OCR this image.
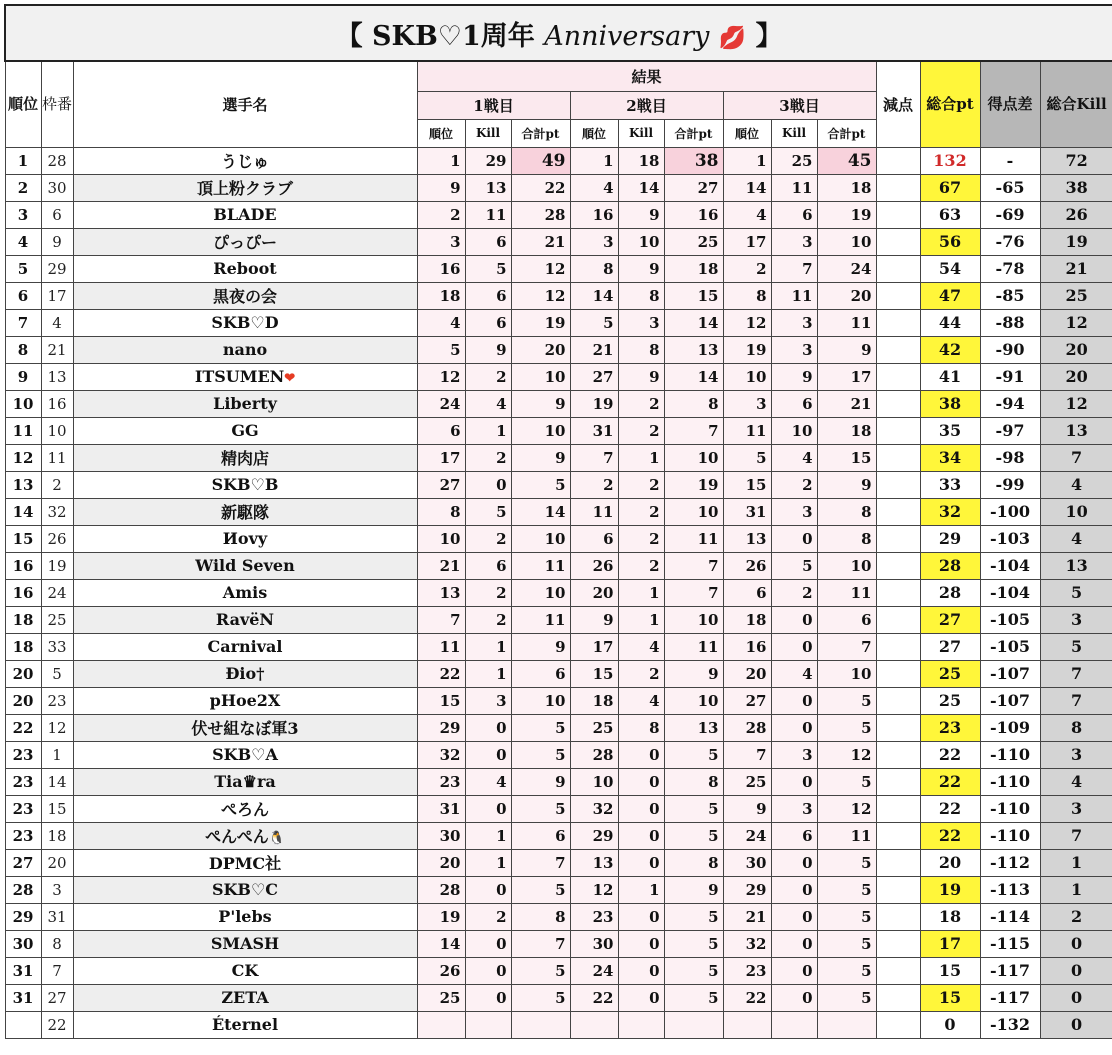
【 SKB♡1周年 Anniversary 💋 】															
順位	枠番	選手名	結果									減点	総合pt	得点差	総合Kill
			1戦目			2戦目			3戦目						
			順位	Kill	合計pt	順位	Kill	合計pt	順位	Kill	合計pt				
1	28	うじゅ	1	29	49	1	18	38	1	25	45		132	-	72
2	30	頂上粉クラブ	9	13	22	4	14	27	14	11	18		67	-65	38
3	6	BLADE	2	11	28	16	9	16	4	6	19		63	-69	26
4	9	ぴっぴー	3	6	21	3	10	25	17	3	10		56	-76	19
5	29	Reboot	16	5	12	8	9	18	2	7	24		54	-78	21
6	17	黒夜の会	18	6	12	14	8	15	8	11	20		47	-85	25
7	4	SKB♡D	4	6	19	5	3	14	12	3	11		44	-88	12
8	21	nano	5	9	20	21	8	13	19	3	9		42	-90	20
9	13	ITSUMEN❤	12	2	10	27	9	14	10	9	17		41	-91	20
10	16	Liberty	24	4	9	19	2	8	3	6	21		38	-94	12
11	10	GG	6	1	10	31	2	7	11	10	18		35	-97	13
12	11	精肉店	17	2	9	7	1	10	5	4	15		34	-98	7
13	2	SKB♡B	27	0	5	2	2	19	15	2	9		33	-99	4
14	32	新駆隊	8	5	14	11	2	10	31	3	8		32	-100	10
15	26	Иovy	10	2	10	6	2	11	13	0	8		29	-103	4
16	19	Wild Seven	21	6	11	26	2	7	26	5	10		28	-104	13
16	24	Amis	13	2	10	20	1	7	6	2	11		28	-104	5
18	25	RavëN	7	2	11	9	1	10	18	0	6		27	-105	3
18	33	Carnival	11	1	9	17	4	11	16	0	7		27	-105	5
20	5	Ðio†	22	1	6	15	2	9	20	4	10		25	-107	7
20	23	pHoe2X	15	3	10	18	4	10	27	0	5		25	-107	7
22	12	伏せ組なぼ軍3	29	0	5	25	8	13	28	0	5		23	-109	8
23	1	SKB♡A	32	0	5	28	0	5	7	3	12		22	-110	3
23	14	Tia♛ra	23	4	9	10	0	8	25	0	5		22	-110	4
23	15	ぺろん	31	0	5	32	0	5	9	3	12		22	-110	3
23	18	ぺんぺん🐧	30	1	6	29	0	5	24	6	11		22	-110	7
27	20	DPMC社	20	1	7	13	0	8	30	0	5		20	-112	1
28	3	SKB♡C	28	0	5	12	1	9	29	0	5		19	-113	1
29	31	P'lebs	19	2	8	23	0	5	21	0	5		18	-114	2
30	8	SMASH	14	0	7	30	0	5	32	0	5		17	-115	0
31	7	CK	26	0	5	24	0	5	23	0	5		15	-117	0
31	27	ZETA	25	0	5	22	0	5	22	0	5		15	-117	0
	22	Éternel											0	-132	0
